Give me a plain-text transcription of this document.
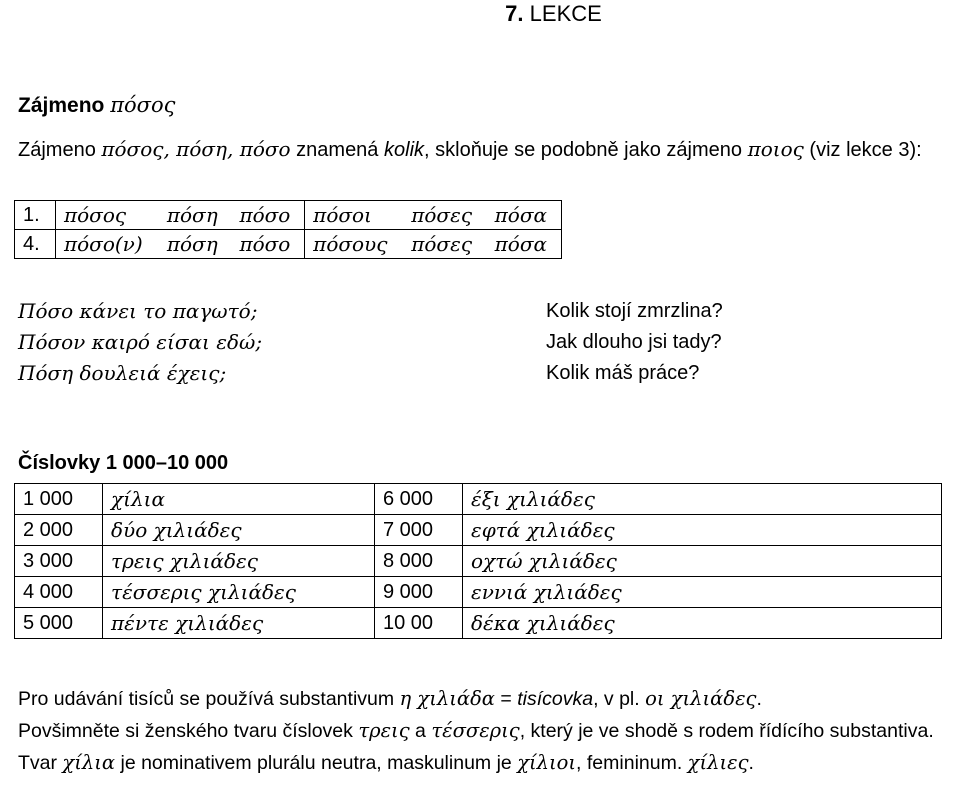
7. LEKCE
Zájmeno πόσος
Zájmeno πόσος, πόση, πόσο znamená kolik, skloňuje se podobně jako zájmeno ποιος (viz lekce 3):
1.	πόσος	πόση	πόσο	πόσοι	πόσες	πόσα
4.	πόσο(ν)	πόση	πόσο	πόσους	πόσες	πόσα
Πόσο κάνει το παγωτό;
Πόσον καιρό είσαι εδώ;
Πόση δουλειά έχεις;
Kolik stojí zmrzlina?
Jak dlouho jsi tady?
Kolik máš práce?
Číslovky 1 000–10 000
1 000	χίλια	6 000	έξι χιλιάδες
2 000	δύο χιλιάδες	7 000	εφτά χιλιάδες
3 000	τρεις χιλιάδες	8 000	οχτώ χιλιάδες
4 000	τέσσερις χιλιάδες	9 000	εννιά χιλιάδες
5 000	πέντε χιλιάδες	10 00	δέκα χιλιάδες

Pro udávání tisíců se používá substantivum η χιλιάδα = tisícovka, v pl. οι χιλιάδες.

Povšimněte si ženského tvaru číslovek τρεις a τέσσερις, který je ve shodě s rodem řídícího substantiva. Tvar χίλια je nominativem plurálu neutra, maskulinum je χίλιοι, femininum. χίλιες.
